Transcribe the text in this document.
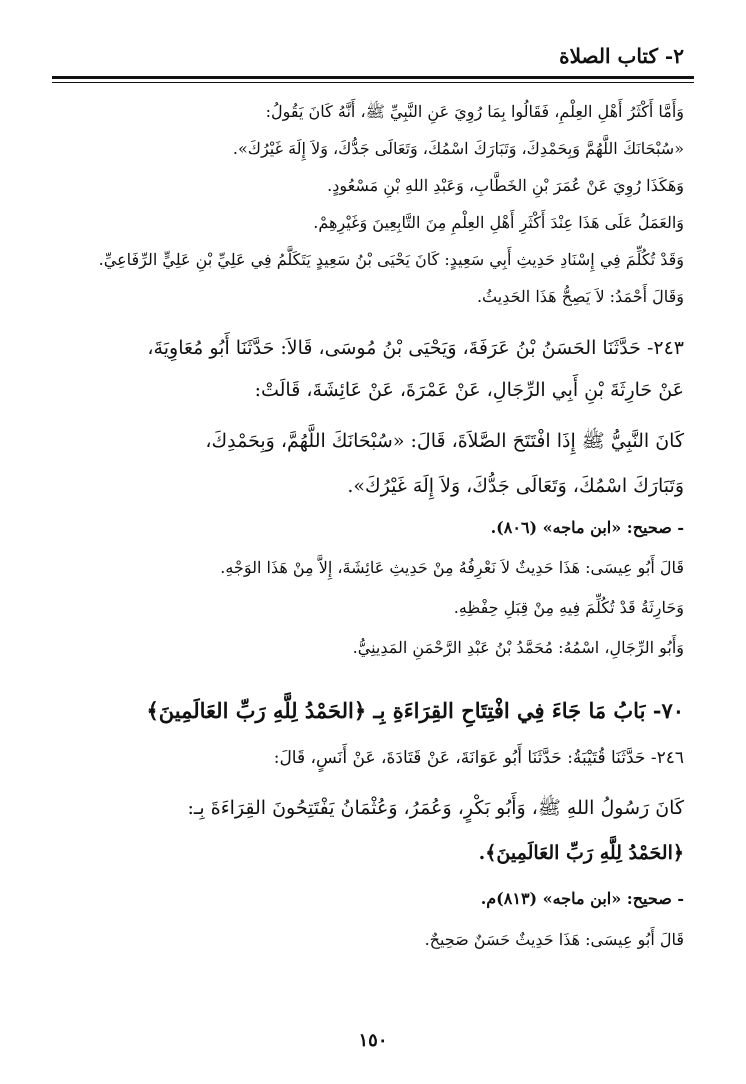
٢- كتاب الصلاة
وَأَمَّا أَكْثَرُ أَهْلِ العِلْمِ، فَقَالُوا بِمَا رُوِيَ عَنِ النَّبِيِّ ﷺ، أَنَّهُ كَانَ يَقُولُ:
«سُبْحَانَكَ اللَّهُمَّ وَبِحَمْدِكَ، وَتَبَارَكَ اسْمُكَ، وَتَعَالَى جَدُّكَ، وَلاَ إِلَهَ غَيْرُكَ».
وَهَكَذَا رُوِيَ عَنْ عُمَرَ بْنِ الخَطَّابِ، وَعَبْدِ اللهِ بْنِ مَسْعُودٍ.
وَالعَمَلُ عَلَى هَذَا عِنْدَ أَكْثَرِ أَهْلِ العِلْمِ مِنَ التَّابِعِينَ وَغَيْرِهِمْ.
وَقَدْ تُكُلِّمَ فِي إِسْنَادِ حَدِيثِ أَبِي سَعِيدٍ: كَانَ يَحْيَى بْنُ سَعِيدٍ يَتَكَلَّمُ فِي عَلِيِّ بْنِ عَلِيٍّ الرِّفَاعِيِّ.
وَقَالَ أَحْمَدُ: لاَ يَصِحُّ هَذَا الحَدِيثُ.
٢٤٣- حَدَّثَنَا الحَسَنُ بْنُ عَرَفَةَ، وَيَحْيَى بْنُ مُوسَى، قَالاَ: حَدَّثَنَا أَبُو مُعَاوِيَةَ،
عَنْ حَارِثَةَ بْنِ أَبِي الرِّجَالِ، عَنْ عَمْرَةَ، عَنْ عَائِشَةَ، قَالَتْ:
كَانَ النَّبِيُّ ﷺ إِذَا افْتَتَحَ الصَّلاَةَ، قَالَ: «سُبْحَانَكَ اللَّهُمَّ، وَبِحَمْدِكَ،
وَتَبَارَكَ اسْمُكَ، وَتَعَالَى جَدُّكَ، وَلاَ إِلَهَ غَيْرُكَ».
- صحيح: «ابن ماجه» (٨٠٦).
قَالَ أَبُو عِيسَى: هَذَا حَدِيثٌ لاَ نَعْرِفُهُ مِنْ حَدِيثِ عَائِشَةَ، إِلاَّ مِنْ هَذَا الوَجْهِ.
وَحَارِثَةُ قَدْ تُكُلِّمَ فِيهِ مِنْ قِبَلِ حِفْظِهِ.
وَأَبُو الرِّجَالِ، اسْمُهُ: مُحَمَّدُ بْنُ عَبْدِ الرَّحْمَنِ المَدِينِيُّ.
٧٠- بَابُ مَا جَاءَ فِي افْتِتَاحِ القِرَاءَةِ بِـ ﴿الحَمْدُ لِلَّهِ رَبِّ العَالَمِينَ﴾
٢٤٦- حَدَّثَنَا قُتَيْبَةُ: حَدَّثَنَا أَبُو عَوَانَةَ، عَنْ قَتَادَةَ، عَنْ أَنَسٍ، قَالَ:
كَانَ رَسُولُ اللهِ ﷺ، وَأَبُو بَكْرٍ، وَعُمَرُ، وَعُثْمَانُ يَفْتَتِحُونَ القِرَاءَةَ بِـ:
﴿الحَمْدُ لِلَّهِ رَبِّ العَالَمِينَ﴾.
- صحيح: «ابن ماجه» (٨١٣)م.
قَالَ أَبُو عِيسَى: هَذَا حَدِيثٌ حَسَنٌ صَحِيحٌ.
١٥٠
